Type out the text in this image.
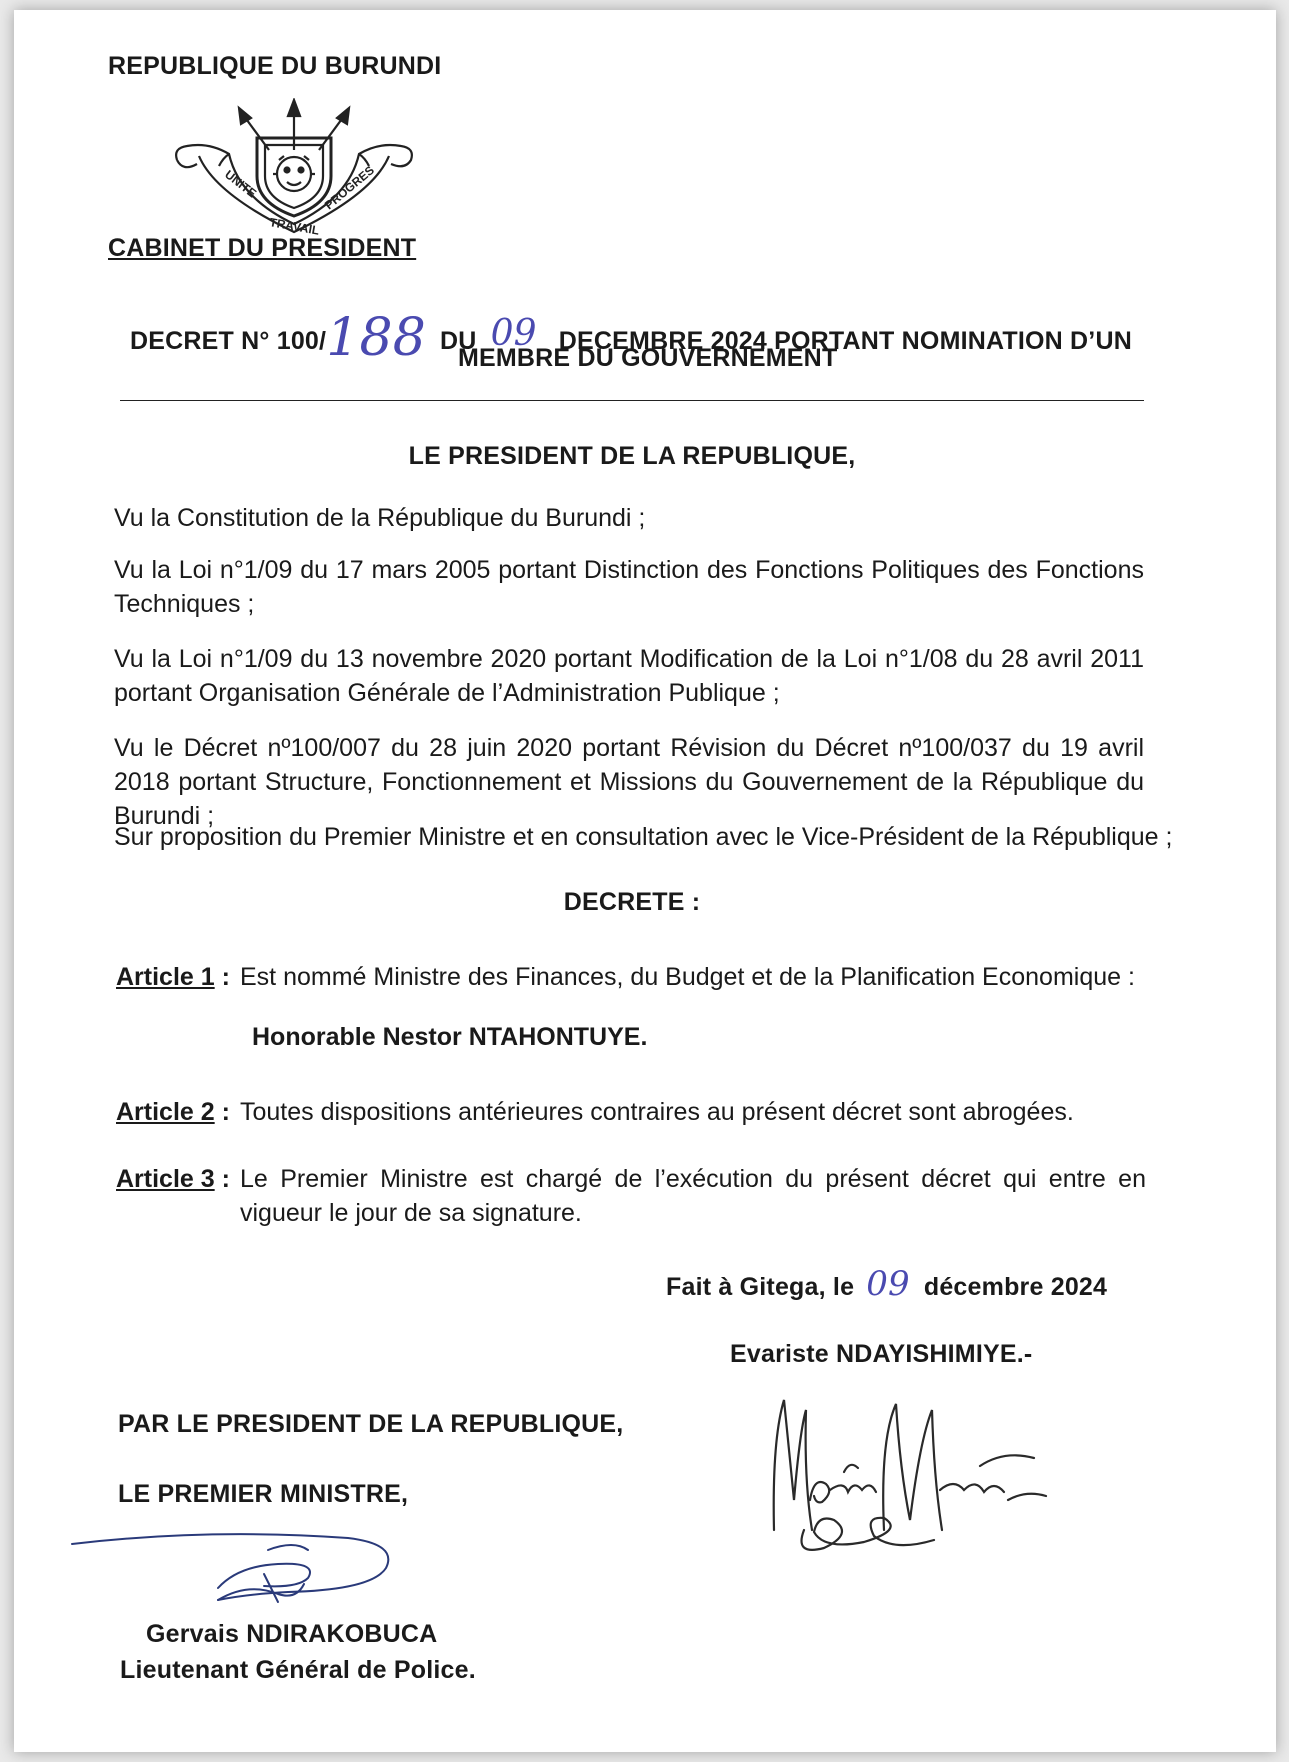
REPUBLIQUE DU BURUNDI
UNITE
TRAVAIL
PROGRES
CABINET DU PRESIDENT
DECRET N° 100/188 DU 09 DECEMBRE 2024 PORTANT NOMINATION D’UN
MEMBRE DU GOUVERNEMENT
LE PRESIDENT DE LA REPUBLIQUE,
Vu la Constitution de la République du Burundi ;
Vu la Loi n°1/09 du 17 mars 2005 portant Distinction des Fonctions Politiques des Fonctions Techniques ;
Vu la Loi n°1/09 du 13 novembre 2020 portant Modification de la Loi n°1/08 du 28 avril 2011 portant Organisation Générale de l’Administration Publique ;
Vu le Décret nº100/007 du 28 juin 2020 portant Révision du Décret nº100/037 du 19 avril 2018 portant Structure, Fonctionnement et Missions du Gouvernement de la République du Burundi ;
Sur proposition du Premier Ministre et en consultation avec le Vice-Président de la République ;
DECRETE :
Article 1 : Est nommé Ministre des Finances, du Budget et de la Planification Economique :
Honorable Nestor NTAHONTUYE.
Article 2 : Toutes dispositions antérieures contraires au présent décret sont abrogées.
Article 3 : Le Premier Ministre est chargé de l’exécution du présent décret qui entre en vigueur le jour de sa signature.
Fait à Gitega, le 09 décembre 2024
Evariste NDAYISHIMIYE.-
PAR LE PRESIDENT DE LA REPUBLIQUE,
LE PREMIER MINISTRE,
Gervais NDIRAKOBUCA
Lieutenant Général de Police.
